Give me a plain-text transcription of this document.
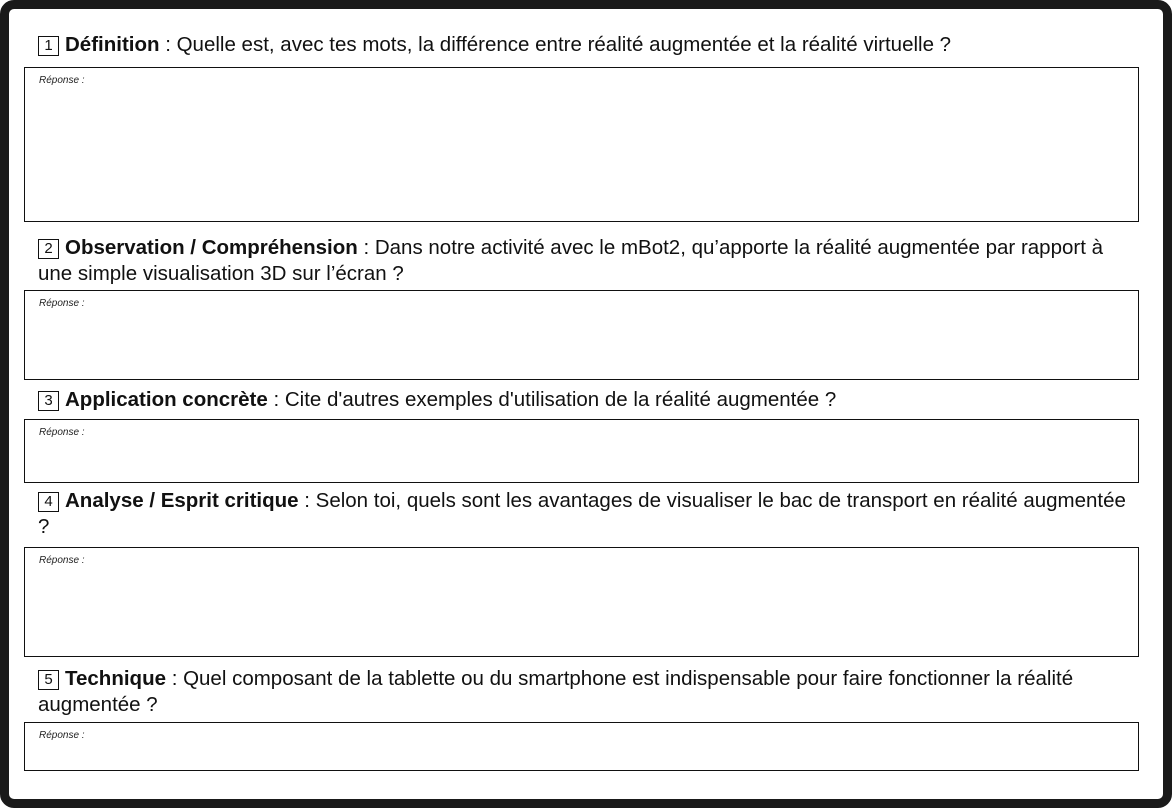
1 Définition : Quelle est, avec tes mots, la différence entre réalité augmentée et la réalité virtuelle ?

Réponse :

2 Observation / Compréhension : Dans notre activité avec le mBot2, qu’apporte la réalité augmentée par rapport à une simple visualisation 3D sur l’écran ?

Réponse :

3 Application concrète : Cite d'autres exemples d'utilisation de la réalité augmentée ?

Réponse :

4 Analyse / Esprit critique : Selon toi, quels sont les avantages de visualiser le bac de transport en réalité augmentée ?

Réponse :

5 Technique : Quel composant de la tablette ou du smartphone est indispensable pour faire fonctionner la réalité augmentée ?

Réponse :
